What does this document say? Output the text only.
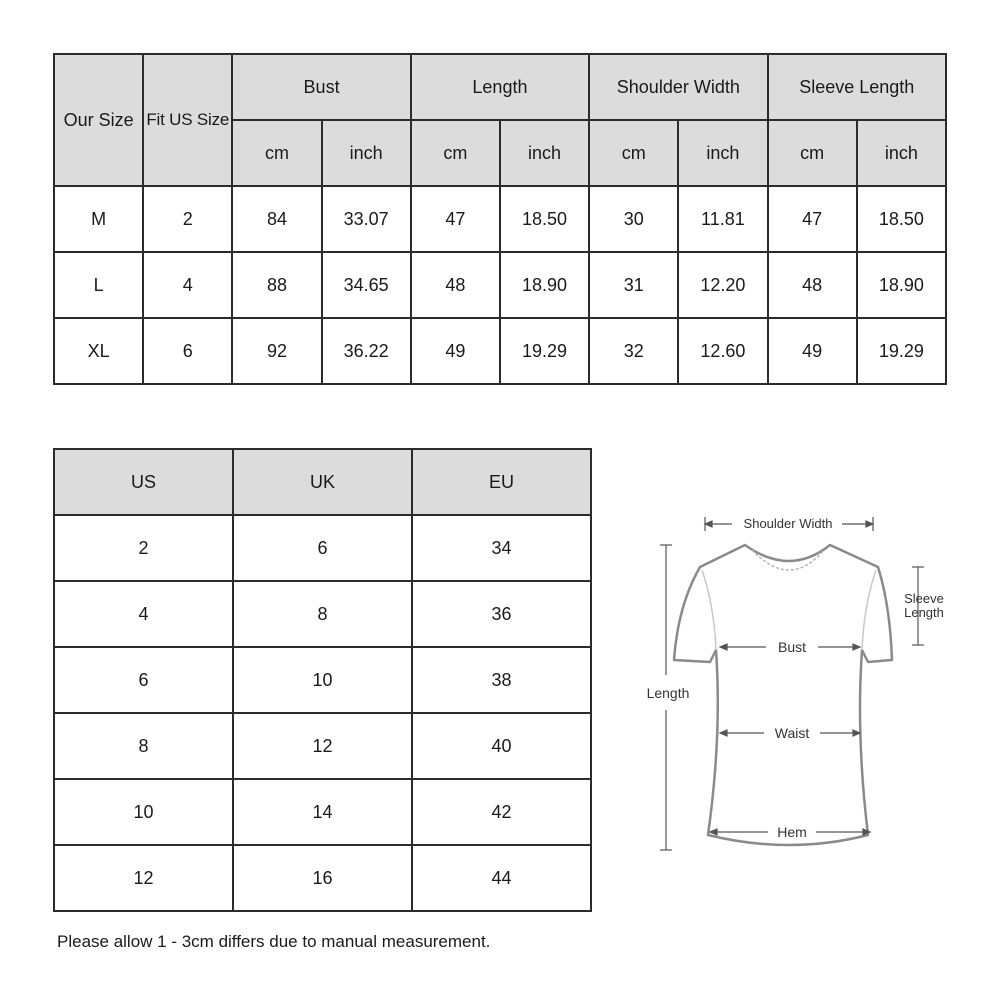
Our Size	Fit US Size	Bust		Length		Shoulder Width		Sleeve Length	
		cm	inch	cm	inch	cm	inch	cm	inch
M	2	84	33.07	47	18.50	30	11.81	47	18.50
L	4	88	34.65	48	18.90	31	12.20	48	18.90
XL	6	92	36.22	49	19.29	32	12.60	49	19.29
US	UK	EU
2	6	34
4	8	36
6	10	38
8	12	40
10	14	42
12	16	44
Shoulder Width
Sleeve
Length
Length
Bust
Waist
Hem

Please allow 1 - 3cm differs due to manual measurement.
